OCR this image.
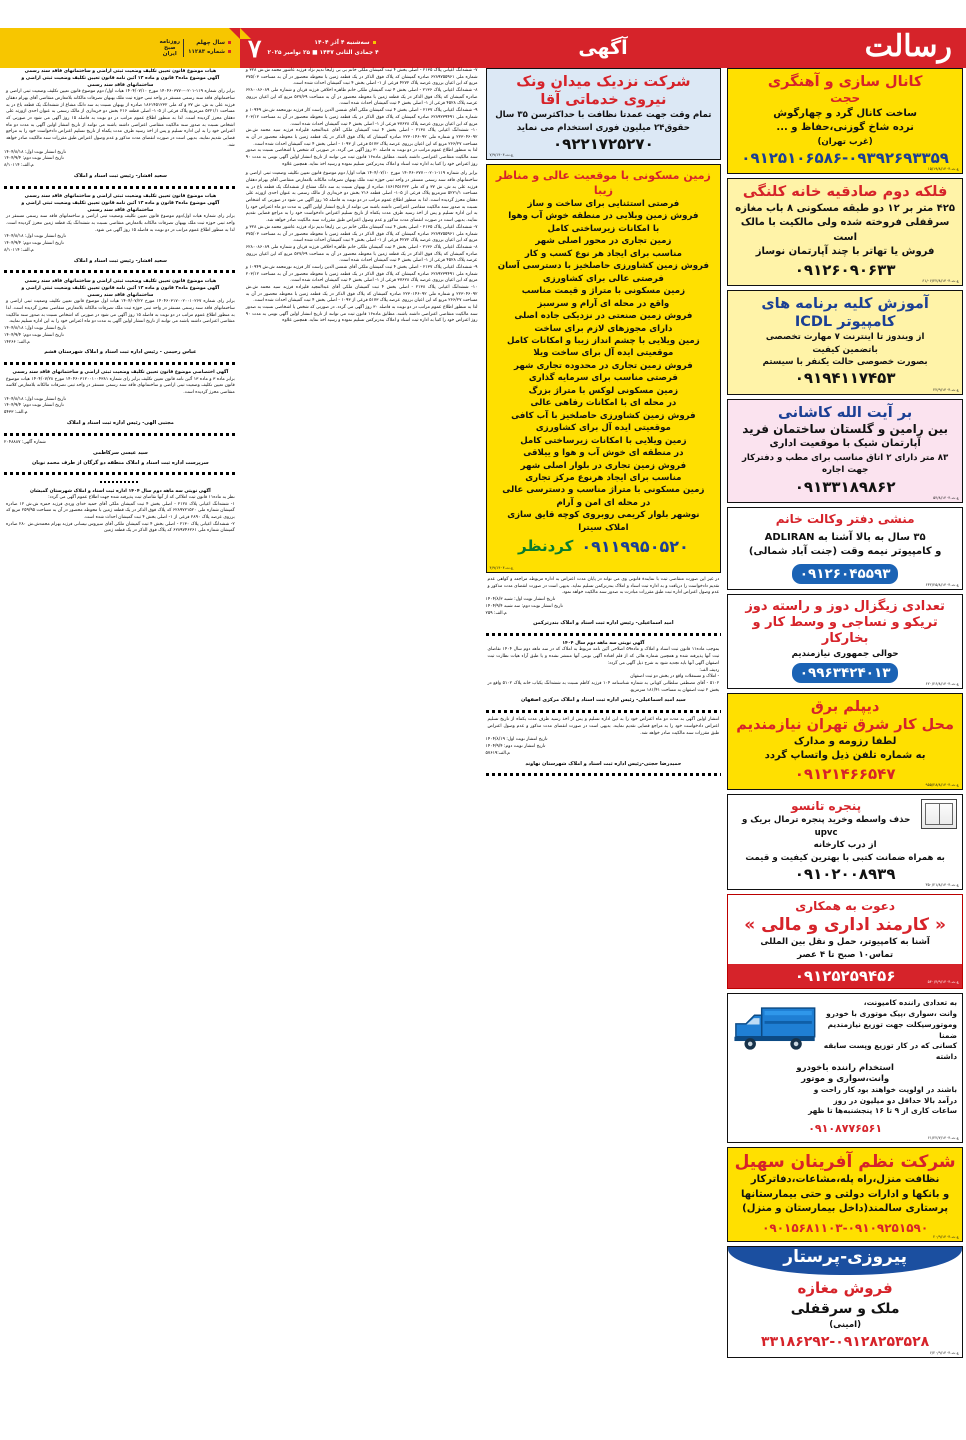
روزنامه
صبح
ایران
سال چهلم
شماره ۱۱۲۸۳	رسالت
آگهی
۷	سه‌شنبه ۴ آذر ۱۴۰۴
۴ جمادی الثانی ۱۴۴۷ ■ ۲۵ نوامبر ۲۰۲۵
هیات موضوع قانون تعیین تکلیف وضعیت ثبتی اراضی و ساختمانهای فاقد سند رسمی
آگهی موضوع ماده۳ قانون و ماده ۱۳ آئین نامه قانون تعیین تکلیف وضعیت ثبتی اراضی و ساختمانهای فاقد سند رسمی
برابر رای شماره ۱۱۹-۰۲۰۱-۱۴۰۴۶۰۳۷۷۰ مورخ ۱۴۰۴/۰۷/۱۰ هیات اول/ دوم موضوع قانون تعیین تکلیف وضعیت ثبتی اراضی و ساختمانهای فاقد سند رسمی مستقر در واحد ثبتی حوزه ثبت ملک بهبهان تصرفات مالکانه بلامعارض متقاضی آقای بهرام دهقان فرزند علی به ش. ش ۳۷ و کد ملی ۱۸۶۱۴۵۱۲۳۲ صادره از بهبهان نسبت به سه دانگ مشاع از ششدانگ یک قطعه باغ در به مساحت ۵۲۲۱/۱ مترمربع پلاک فرعی از ۱۰۵- اصلی قطعه ۲۱۶ بخش دو خریداری از مالک رسمی به عنوان احدی ازورثه علی دهقان محرز گردیده است. لذا به منظور اطلاع عموم مراتب در دو نوبت به فاصله ۱۵ روز آگهی می شود در صورتی که اشخاص نسبت به صدور سند مالکیت متقاضی اعتراضی داشته باشند می توانند از تاریخ انتشار اولین آگهی به مدت دو ماه اعتراض خود را به این اداره تسلیم و پس از اخذ رسید ظرف مدت یکماه از تاریخ تسلیم اعتراض دادخواست خود را به مراجع قضایی تقدیم نمایند. بدیهی است در صورت انقضای مدت مذکور و عدم وصول اعتراض طبق مقررات سند مالکیت صادر خواهد شد.
تاریخ انتشار نوبت اول: ۱۴۰۴/۸/۱۸
تاریخ انتشار نوبت دوم: ۱۴۰۴/۹/۴
م.الف: ۸/۱۰۱۱۴
سعید افشار- رئیس ثبت اسناد و املاک
هیات موضوع قانون تعیین تکلیف وضعیت ثبتی اراضی و ساختمانهای فاقد سند رسمی
آگهی موضوع ماده۳ قانون و ماده ۱۳ آئین نامه قانون تعیین تکلیف وضعیت ثبتی اراضی و ساختمانهای فاقد سند رسمی
برابر رای شماره هیات اول/دوم موضوع قانون تعیین تکلیف وضعیت ثبتی اراضی و ساختمانهای فاقد سند رسمی مستقر در واحد ثبتی حوزه ثبت ملک بهبهان تصرفات مالکانه بلامعارض متقاضی نسبت به ششدانگ یک قطعه زمین محرز گردیده است. لذا به منظور اطلاع عموم مراتب در دو نوبت به فاصله ۱۵ روز آگهی می شود.
تاریخ انتشار نوبت اول: ۱۴۰۴/۸/۱۸
تاریخ انتشار نوبت دوم: ۱۴۰۴/۹/۴
م.الف: ۸/۱۰۱۱۴
سعید افشار- رئیس ثبت اسناد و املاک
هیات موضوع قانون تعیین تکلیف وضعیت ثبتی اراضی و ساختمانهای فاقد سند رسمی
آگهی موضوع ماده۳ قانون و ماده ۱۳ آئین نامه قانون تعیین تکلیف وضعیت ثبتی اراضی و ساختمانهای فاقد سند رسمی
برابر رای شماره ۱۴۰۴۶۰۳۱۷۰۰۲۰۰۱۰۲۶۷ مورخ ۱۴۰۴/۰۷/۲۲ هیات اول موضوع قانون تعیین تکلیف وضعیت ثبتی اراضی و ساختمانهای فاقد سند رسمی مستقر در واحد ثبتی حوزه ثبت ملک تصرفات مالکانه بلامعارض متقاضی محرز گردیده است. لذا به منظور اطلاع عموم مراتب در دو نوبت به فاصله ۱۵ روز آگهی می شود در صورتی که اشخاص نسبت به صدور سند مالکیت متقاضی اعتراضی داشته باشند می توانند از تاریخ انتشار اولین آگهی به مدت دو ماه اعتراض خود را به این اداره تسلیم نمایند.
تاریخ انتشار نوبت اول: ۱۴۰۴/۸/۱۸
تاریخ انتشار نوبت دوم: ۱۴۰۴/۹/۴
م.الف: ۱۴۲۶۶
عباس رحیمی - رئیس اداره ثبت اسناد و املاک شهرستان قشم
آگهی اختصاصی موضوع قانون تعیین تکلیف وضعیت ثبتی اراضی و ساختمانهای فاقد سند رسمی
برابر ماده ۳ و ماده ۱۳ آئین نامه قانون تعیین تکلیف برابر رای شماره ۱۴۰۴۶۰۳۱۲۰۰۱۰۰۴۳۸۱ مورخ ۱۴۰۴/۰۷/۲۸ هیات موضوع قانون تعیین تکلیف وضعیت ثبتی اراضی و ساختمانهای فاقد سند رسمی مستقر در واحد ثبتی تصرفات مالکانه بلامعارض کلاسه متقاضی محرز گردیده است.
تاریخ انتشار نوبت اول: ۱۴۰۴/۸/۱۸
تاریخ انتشار نوبت دوم: ۱۴۰۴/۹/۴
م.الف: ۵۴۳۳
مجتبی الهی- رئیس اداره ثبت اسناد و املاک
شماره آگهی: ۲۰۴۸۸۸۷
سید عیسی سرکاظمی
سرپرست اداره ثبت اسناد و املاک منطقه دو گرگان از طرف محمد نوبان
آگهی نوبتی سه ماهه دوم سال ۱۴۰۴ اداره ثبت اسناد و املاک شهرستان گمیشان
نظر به ماده۱۱ قانون ثبت املاکی که از آنها تقاضای ثبت پذیرفته شده جهت اطلاع عموم آگهی می گردد:
۱- ششدانگ اعیانی پلاک ۲۱۲۸ - اصلی بخش ۴ ثبت گمیشان ملکی آقای حمید خدای وردی فرزند حمزه ش.ش ۱۲ صادره گمیشان شماره ملی ۶۲۸۹۷۲۱۵۲۰ که پلاک فوق الذکر در یک قطعه زمین با محوطه محصور در آن به مساحت ۲۵۹/۹۵ مربع که برروی عرصه پلاک ۲۸۹۰ فرعی از ۱- اصلی بخش ۴ ثبت گمیشان احداث شده است.
۲- ششدانگ اعیانی پلاک ۲۱۳۰ - اصلی بخش ۴ ثبت گمیشان ملکی آقای سیروس نیسانی فرزند بهرام محمدش.ش ۲۸۰ صادره گمیشان شماره ملی ۶۲۸۹۷۴۶۲۶۱ که پلاک فوق الذکر در یک قطعه زمین
۷- ششدانگ اعیانی پلاک ۲۱۳۵ - اصلی بخش ۴ ثبت گمیشان ملکی خانم بی بی زلیخا ندیم نژاد فرزند عاشور محمد ش.ش ۳۲۸ و شماره ملی ۶۲۸۹۷۵۵۹۶۱ صادره گمیشان که پلاک فوق الذکر در یک قطعه زمین با محوطه محصور در آن به مساحت ۳۷۵/۰۳ مربع که این اعیان برروی عرصه پلاک ۴۲۷۲ فرعی از ۱- اصلی بخش ۴ ثبت گمیشان احداث شده است.
۸- ششدانگ اعیانی پلاک ۲۱۳۶ - اصلی بخش ۴ ثبت گمیشان ملکی خانم طاهره اخلاقی فرزند قربان و شماره ملی ۶۲۸۰۰۸۶۰۸۹ صادره گمیشان که پلاک فوق الذکر در یک قطعه زمین با محوطه محصور در آن به مساحت ۵۲۷/۶۹ مربع که این اعیان برروی عرصه پلاک ۴۵۲۸ فرعی از ۱- اصلی بخش ۴ ثبت گمیشان احداث شده است.
۹- ششدانگ اعیانی پلاک ۲۱۳۷ - اصلی بخش ۴ ثبت گمیشان ملکی آقای شمس الدین راست کار فرزند نورمحمد ش.ش ۱۰۹۴۹ و شماره ملی ۶۲۸۹۲۳۹۴۹۱ صادره گمیشان که پلاک فوق الذکر در یک قطعه زمین با محوطه محصور در آن به مساحت ۲۰۳/۱۲ مربع که این اعیان برروی عرصه پلاک ۳۷۶۲۸ فرعی از ۱- اصلی بخش ۴ ثبت گمیشان احداث شده است.
۱۰- ششدانگ اعیانی پلاک ۲۱۳۸ - اصلی بخش ۴ ثبت گمیشان ملکی آقای عبدالمجید قلیزاده فرزند سید محمد ش.ش ۲۲۳۰۴۶۰۹۲ و شماره ملی ۲۲۳۰۱۴۶۰۹۲ صادره گمیشان که پلاک فوق الذکر در یک قطعه زمین با محوطه محصور در آن به مساحت ۲۶۶/۲۷ مربع که این اعیان برروی عرصه پلاک ۵۱۷۳ فرعی از ۱۰۹۳ - اصلی بخش ۴ ثبت گمیشان احداث شده است.
لذا به منظور اطلاع عموم مراتب در دو نوبت به فاصله ۳۰ روز آگهی می گردد. در صورتی که شخص یا اشخاصی نسبت به صدور سند مالکیت متقاضی اعتراضی داشته باشند. مطابق ماده۱۶ قانون ثبت می توانند از تاریخ انتشار اولین آگهی نوبتی به مدت ۹۰ روز اعتراض خود را کتبا به اداره ثبت اسناد و املاک بندرترکمن تسلیم نموده و رسید اخذ نماید. همچنین علاوه
برابر رای شماره ۱۱۹-۰۲۰۱-۱۴۰۴۶۰۳۷۷۰ مورخ ۱۴۰۴/۰۷/۱۰ هیات اول/ دوم موضوع قانون تعیین تکلیف وضعیت ثبتی اراضی و ساختمانهای فاقد سند رسمی مستقر در واحد ثبتی حوزه ثبت ملک بهبهان تصرفات مالکانه بلامعارض متقاضی آقای بهرام دهقان فرزند علی به ش. ش ۳۷ و کد ملی ۱۸۶۱۴۵۱۲۳۲ صادره از بهبهان نسبت به سه دانگ مشاع از ششدانگ یک قطعه باغ در به مساحت ۵۲۲۱/۱ مترمربع پلاک فرعی از ۱۰۵- اصلی قطعه ۲۱۶ بخش دو خریداری از مالک رسمی به عنوان احدی ازورثه علی دهقان محرز گردیده است. لذا به منظور اطلاع عموم مراتب در دو نوبت به فاصله ۱۵ روز آگهی می شود در صورتی که اشخاص نسبت به صدور سند مالکیت متقاضی اعتراضی داشته باشند می توانند از تاریخ انتشار اولین آگهی به مدت دو ماه اعتراض خود را به این اداره تسلیم و پس از اخذ رسید ظرف مدت یکماه از تاریخ تسلیم اعتراض دادخواست خود را به مراجع قضایی تقدیم نمایند. بدیهی است در صورت انقضای مدت مذکور و عدم وصول اعتراض طبق مقررات سند مالکیت صادر خواهد شد.
۷- ششدانگ اعیانی پلاک ۲۱۳۵ - اصلی بخش ۴ ثبت گمیشان ملکی خانم بی بی زلیخا ندیم نژاد فرزند عاشور محمد ش.ش ۳۲۸ و شماره ملی ۶۲۸۹۷۵۵۹۶۱ صادره گمیشان که پلاک فوق الذکر در یک قطعه زمین با محوطه محصور در آن به مساحت ۳۷۵/۰۳ مربع که این اعیان برروی عرصه پلاک ۴۲۷۲ فرعی از ۱- اصلی بخش ۴ ثبت گمیشان احداث شده است.
۸- ششدانگ اعیانی پلاک ۲۱۳۶ - اصلی بخش ۴ ثبت گمیشان ملکی خانم طاهره اخلاقی فرزند قربان و شماره ملی ۶۲۸۰۰۸۶۰۸۹ صادره گمیشان که پلاک فوق الذکر در یک قطعه زمین با محوطه محصور در آن به مساحت ۵۲۷/۶۹ مربع که این اعیان برروی عرصه پلاک ۴۵۲۸ فرعی از ۱- اصلی بخش ۴ ثبت گمیشان احداث شده است.
۹- ششدانگ اعیانی پلاک ۲۱۳۷ - اصلی بخش ۴ ثبت گمیشان ملکی آقای شمس الدین راست کار فرزند نورمحمد ش.ش ۱۰۹۴۹ و شماره ملی ۶۲۸۹۲۳۹۴۹۱ صادره گمیشان که پلاک فوق الذکر در یک قطعه زمین با محوطه محصور در آن به مساحت ۲۰۳/۱۲ مربع که این اعیان برروی عرصه پلاک ۳۷۶۲۸ فرعی از ۱- اصلی بخش ۴ ثبت گمیشان احداث شده است.
۱۰- ششدانگ اعیانی پلاک ۲۱۳۸ - اصلی بخش ۴ ثبت گمیشان ملکی آقای عبدالمجید قلیزاده فرزند سید محمد ش.ش ۲۲۳۰۴۶۰۹۲ و شماره ملی ۲۲۳۰۱۴۶۰۹۲ صادره گمیشان که پلاک فوق الذکر در یک قطعه زمین با محوطه محصور در آن به مساحت ۲۶۶/۲۷ مربع که این اعیان برروی عرصه پلاک ۵۱۷۳ فرعی از ۱۰۹۳ - اصلی بخش ۴ ثبت گمیشان احداث شده است.
لذا به منظور اطلاع عموم مراتب در دو نوبت به فاصله ۳۰ روز آگهی می گردد. در صورتی که شخص یا اشخاصی نسبت به صدور سند مالکیت متقاضی اعتراضی داشته باشند. مطابق ماده۱۶ قانون ثبت می توانند از تاریخ انتشار اولین آگهی نوبتی به مدت ۹۰ روز اعتراض خود را کتبا به اداره ثبت اسناد و املاک بندرترکمن تسلیم نموده و رسید اخذ نماید. همچنین علاوه
شرکت نزدیک میدان ونک
نیروی خدماتی آقا
تمام وقت جهت عمدتا نظافت با حداکثرسن ۳۵ سال
حقوق۲۴ میلیون فوری استخدام می نماید
۰۹۲۲۱۷۲۵۲۷۰
ع.ث-۷/۹/۱۴۰۴
زمین مسکونی با موقعیت عالی و مناظر زیبا
فرصتی استثنایی برای ساخت و ساز
فروش زمین ویلایی در منطقه خوش آب وهوا
با امکانات زیرساختی کامل
زمین تجاری در محور اصلی شهر
مناسب برای ایجاد هر نوع کسب و کار
فروش زمین کشاورزی حاصلخیز با دسترسی آسان
فرصتی عالی برای کشاورزی
زمین مسکونی با متراژ و قیمت مناسب
واقع در محله ای آرام و سرسبز
فروش زمین صنعتی در نزدیکی جاده اصلی
دارای مجوزهای لازم برای ساخت
زمین ویلایی با چشم انداز زیبا و امکانات کامل
موقعیتی ایده آل برای ساخت ویلا
فروش زمین تجاری در محدوده تجاری شهر
فرصتی مناسب برای سرمایه گذاری
زمین مسکونی لوکس با متراژ بزرگ
در محله ای با امکانات رفاهی عالی
فروش زمین کشاورزی حاصلخیز با آب کافی
موقعیتی ایده آل برای کشاورزی
زمین ویلایی با امکانات زیرساختی کامل
در منطقه ای خوش آب و هوا و ییلاقی
فروش زمین تجاری در بلوار اصلی شهر
مناسب برای ایجاد هرنوع مرکز تجاری
زمین مسکونی با متراژ مناسب و دسترسی عالی
در محله ای امن و آرام
نوشهر بلوار کریمی روبروی کوچه قایق سازی
املاک سیترا
کردنظر ۰۹۱۱۹۹۵۰۵۲۰
ع.ث-۴/۹/۱۴۰۴
در غیر این صورت متقاضی ثبت با نمایندهٔ قانونی وی می تواند در پایان مدت اعتراض به اداره مربوطه مراجعه و گواهی عدم تقدیم دادخواست را دریافت و به اداره ثبت اسناد و املاک بندرترکمن تسلیم نماید. بدیهی است در صورت انقضای مدت مذکور و عدم وصول اعتراض اداره ثبت طبق مقررات مبادرت به صدور سند مالکیت خواهد نمود.
تاریخ انتشار نوبت اول: شنبه ۱۴۰۴/۸/۳
تاریخ انتشار نوبت دوم: سه شنبه ۱۴۰۴/۹/۴
م.الف: ۲۵۹
امید اسماعیلی- رئیس اداره ثبت اسناد و املاک بندرترکمن
آگهی نوبتی سه ماهه دوم سال ۱۴۰۴
بموجب ماده۱۱ قانون ثبت اسناد و املاک و ماده۵۹ اصلاحی آئین نامه مربوط به املاک که در سه ماهه دوم سال ۱۴۰۴ تقاضای ثبت آنها پذیرفته شده و همچنین شماره هائی که از قلم افتاده آگهی نوبتی آنها منتشر نشده و یا طبق آراء هیات نظارت ثبت اصفهان آگهی آنها باید تجدید شود به شرح ذیل آگهی می گردد:
ردیف الف:
- املاک و مستغلات واقع در بخش دو ثبت اصفهان
۵۱۰۲ - آقای مصطفی سلطانی کوبانی به شماره شناسنامه ۱۰۴ فرزند کاظم نسبت به ششدانگ یکباب خانه پلاک ۵۱۰۲ واقع در بخش ۲ ثبت اصفهان به مساحت ۱۸۱/۴۱ مترمربع.
سید امید اسماعیلی- رئیس اداره ثبت اسناد و املاک مرکزی اصفهان
انتشار اولین آگهی به مدت دو ماه اعتراض خود را به این اداره تسلیم و پس از اخذ رسید ظرف مدت یکماه از تاریخ تسلیم اعتراض دادخواست خود را به مراجع قضایی تقدیم نمایند. بدیهی است در صورت انقضای مدت مذکور و عدم وصول اعتراض طبق مقررات سند مالکیت صادر خواهد شد.
تاریخ انتشار نوبت اول: ۱۴۰۴/۸/۱۹
تاریخ انتشار نوبت دوم: ۱۴۰۴/۹/۴
م.الف:۵۷۶۱۹
حمیدرضا حجتی-رئیس اداره ثبت اسناد و املاک شهرستان نهاوند
کانال سازی و آهنگری
حجت
ساخت کانال گرد و چهارگوش
نرده شاخ گوزنی،حفاظ و ...
(غرب تهران)
۰۹۱۲۵۱۰۶۵۸۶-۰۹۳۹۲۶۹۳۳۵۹
ع.ث-۱۵/۱۹/۸/۱۴۰۴
فلکه دوم صادقیه خانه کلنگی
۴۲۵ متر بر ۱۲ دو طبقه مسکونی ۸ باب مغازه
سرقفلی فروخته شده ولی مالکیت با مالک است
فروش یا تهاتر با چند آپارتمان نوساز
۰۹۱۲۶۰۹۰۶۳۳
ع.ث-۶۱/۰۶/۲۲/۸/۱۴۰۴
آموزش کلیه برنامه های
کامپیوتر ICDL
از ویندوز تا اینترنت ۷ مهارت تخصصی
باتضمین کیفیت
بصورت خصوصی حالت یکنفر با سیستم
۰۹۱۹۴۱۱۷۴۵۳
ع.ث-۲۲/۹/۱۴۰۴
بر آیت الله کاشانی
بین رامین و گلستان ساختمان فرید
آپارتمان شیک با موقعیت اداری
۸۳ متر دارای ۲ اتاق مناسب برای مطب و دفترکار
جهت اجاره
۰۹۱۳۳۱۸۹۸۶۲
ع.ث-۵۴/۸/۱۴۰۴
منشی دفتر وکالت خانم
۳۵ سال به بالا آشنا به ADLIRAN
و کامپیوتر نیمه وقت (جنت آباد شمالی)
۰۹۱۲۶۰۴۵۵۹۳
ع.ث-۶۳۲/۲۵/۸/۱۴۰۴
تعدادی زیگزال دوز و راسته دوز
تریکو و نساجی و وسط کار و بخارکار
حوالی جمهوری نیازمندیم
۰۹۹۶۳۴۲۴۰۱۳
ع.ث-۶۲۰/۲۶/۸/۱۴۰۴
دیپلم برق
محل کار شرق تهران نیازمندیم
لطفا رزومه و مدارک
به شماره تلفن ذیل واتساپ گردد
۰۹۱۲۱۴۶۶۵۴۷
ع.ث-۹۵۵/۲۸/۸/۱۴۰۴
پنجره تانسو
حذف واسطه وخرید پنجره ترمال بریک و upvc
از درب کارخانه
به همراه ضمانت کتبی با بهترین کیفیت و قیمت
۰۹۱۰۲۰۰۸۹۳۹
ع.ث-۳۵۰/۲۱/۸/۱۴۰۴
دعوت به همکاری
« کارمند اداری و مالی »
آشنا به کامپیوتر، حمل و نقل بین المللی
تماس۱۰ صبح تا ۴ عصر
۰۹۱۲۵۲۵۹۴۵۶	ع.ث-۵۴۰/۴/۹/۱۴۰۴
به تعدادی راننده کامیونت،
وانت ،سواری ،پیک موتوری با خودرو
وموتورسیکلت جهت توزیع نیازمندیم ضمنا
کسانی که در کار توزیع وپست سابقه داشته
استخدام راننده باخودرو
وانت،سواری و موتور
باشند در اولویت خواهند بود کار راحت و
درآمد بالا حداقل دو میلیون در روز
ساعات کاری از ۹ تا ۱۶ پنجشنبه‌ها تا ظهر
۰۹۱۰۸۷۷۶۵۶۱
ع.ث-۶۱/۲۲/۷/۱۴۰۴
شرکت نظم آفرینان سهیل
نظافت منزل،راه پله،مشاعات،دفاترکار
و بانکها و ادارات دولتی و حتی بیمارستانها
پرستاری سالمند(داخل بیمارستان و منزل)
۰۹۰۱۵۶۸۱۱۰۳-۰۹۱۰۹۲۵۱۵۹۰
ع.ث-۲۰/۹/۱۴۰۴
پیروزی-پرستار
فروش مغازه
ملک و سرقفلی
(امینی)
۳۳۱۸۶۲۹۲-۰۹۱۲۸۲۵۳۵۲۸
ع.ث-۶/۲۰/۹/۱۴۰۴
